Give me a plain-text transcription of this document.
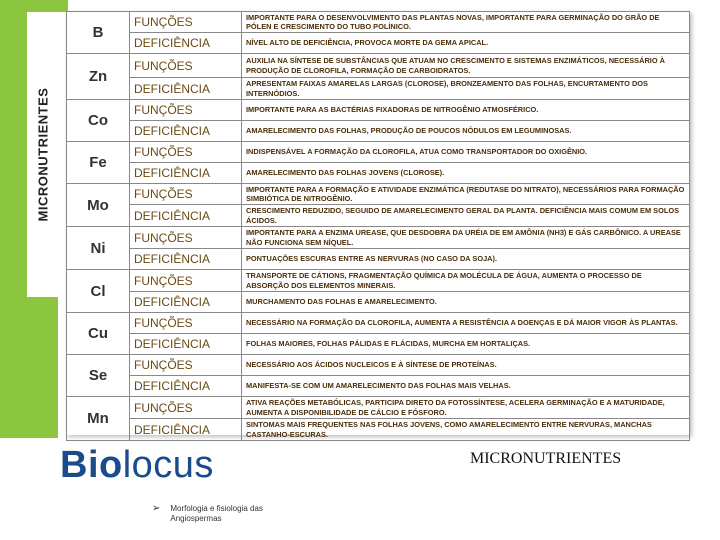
MICRONUTRIENTES
B	FUNÇÕES	IMPORTANTE PARA O DESENVOLVIMENTO DAS PLANTAS NOVAS, IMPORTANTE PARA GERMINAÇÃO DO GRÃO DE PÓLEN E CRESCIMENTO DO TUBO POLÍNICO.
	DEFICIÊNCIA	NÍVEL ALTO DE DEFICIÊNCIA, PROVOCA MORTE DA GEMA APICAL.
Zn	FUNÇÕES	AUXILIA NA SÍNTESE DE SUBSTÂNCIAS QUE ATUAM NO CRESCIMENTO E SISTEMAS ENZIMÁTICOS, NECESSÁRIO À PRODUÇÃO DE CLOROFILA, FORMAÇÃO DE CARBOIDRATOS.
	DEFICIÊNCIA	APRESENTAM FAIXAS AMARELAS LARGAS (CLOROSE), BRONZEAMENTO DAS FOLHAS, ENCURTAMENTO DOS INTERNÓDIOS.
Co	FUNÇÕES	IMPORTANTE PARA AS BACTÉRIAS FIXADORAS DE NITROGÊNIO ATMOSFÉRICO.
	DEFICIÊNCIA	AMARELECIMENTO DAS FOLHAS, PRODUÇÃO DE POUCOS NÓDULOS EM LEGUMINOSAS.
Fe	FUNÇÕES	INDISPENSÁVEL A FORMAÇÃO DA CLOROFILA, ATUA COMO TRANSPORTADOR DO OXIGÊNIO.
	DEFICIÊNCIA	AMARELECIMENTO DAS FOLHAS JOVENS (CLOROSE).
Mo	FUNÇÕES	IMPORTANTE PARA A FORMAÇÃO E ATIVIDADE ENZIMÁTICA (REDUTASE DO NITRATO), NECESSÁRIOS PARA FORMAÇÃO SIMBIÓTICA DE NITROGÊNIO.
	DEFICIÊNCIA	CRESCIMENTO REDUZIDO, SEGUIDO DE AMARELECIMENTO GERAL DA PLANTA. DEFICIÊNCIA MAIS COMUM EM SOLOS ÁCIDOS.
Ni	FUNÇÕES	IMPORTANTE PARA A ENZIMA UREASE, QUE DESDOBRA DA URÉIA DE EM AMÔNIA (NH3) E GÁS CARBÔNICO. A UREASE NÃO FUNCIONA SEM NÍQUEL.
	DEFICIÊNCIA	PONTUAÇÕES ESCURAS ENTRE AS NERVURAS (NO CASO DA SOJA).
Cl	FUNÇÕES	TRANSPORTE DE CÁTIONS, FRAGMENTAÇÃO QUÍMICA DA MOLÉCULA DE ÁGUA, AUMENTA O PROCESSO DE ABSORÇÃO DOS ELEMENTOS MINERAIS.
	DEFICIÊNCIA	MURCHAMENTO DAS FOLHAS E AMARELECIMENTO.
Cu	FUNÇÕES	NECESSÁRIO NA FORMAÇÃO DA CLOROFILA, AUMENTA A RESISTÊNCIA A DOENÇAS E DÁ MAIOR VIGOR ÀS PLANTAS.
	DEFICIÊNCIA	FOLHAS MAIORES, FOLHAS PÁLIDAS E FLÁCIDAS, MURCHA EM HORTALIÇAS.
Se	FUNÇÕES	NECESSÁRIO AOS ÁCIDOS NUCLEICOS E À SÍNTESE DE PROTEÍNAS.
	DEFICIÊNCIA	MANIFESTA-SE COM UM AMARELECIMENTO DAS FOLHAS MAIS VELHAS.
Mn	FUNÇÕES	ATIVA REAÇÕES METABÓLICAS, PARTICIPA DIRETO DA FOTOSSÍNTESE, ACELERA GERMINAÇÃO E A MATURIDADE, AUMENTA A DISPONIBILIDADE DE CÁLCIO E FÓSFORO.
	DEFICIÊNCIA	SINTOMAS MAIS FREQUENTES NAS FOLHAS JOVENS, COMO AMARELECIMENTO ENTRE NERVURAS, MANCHAS CASTANHO-ESCURAS.
Biolocus	MICRONUTRIENTES
➢ Morfologia e fisiologia das Angiospermas
